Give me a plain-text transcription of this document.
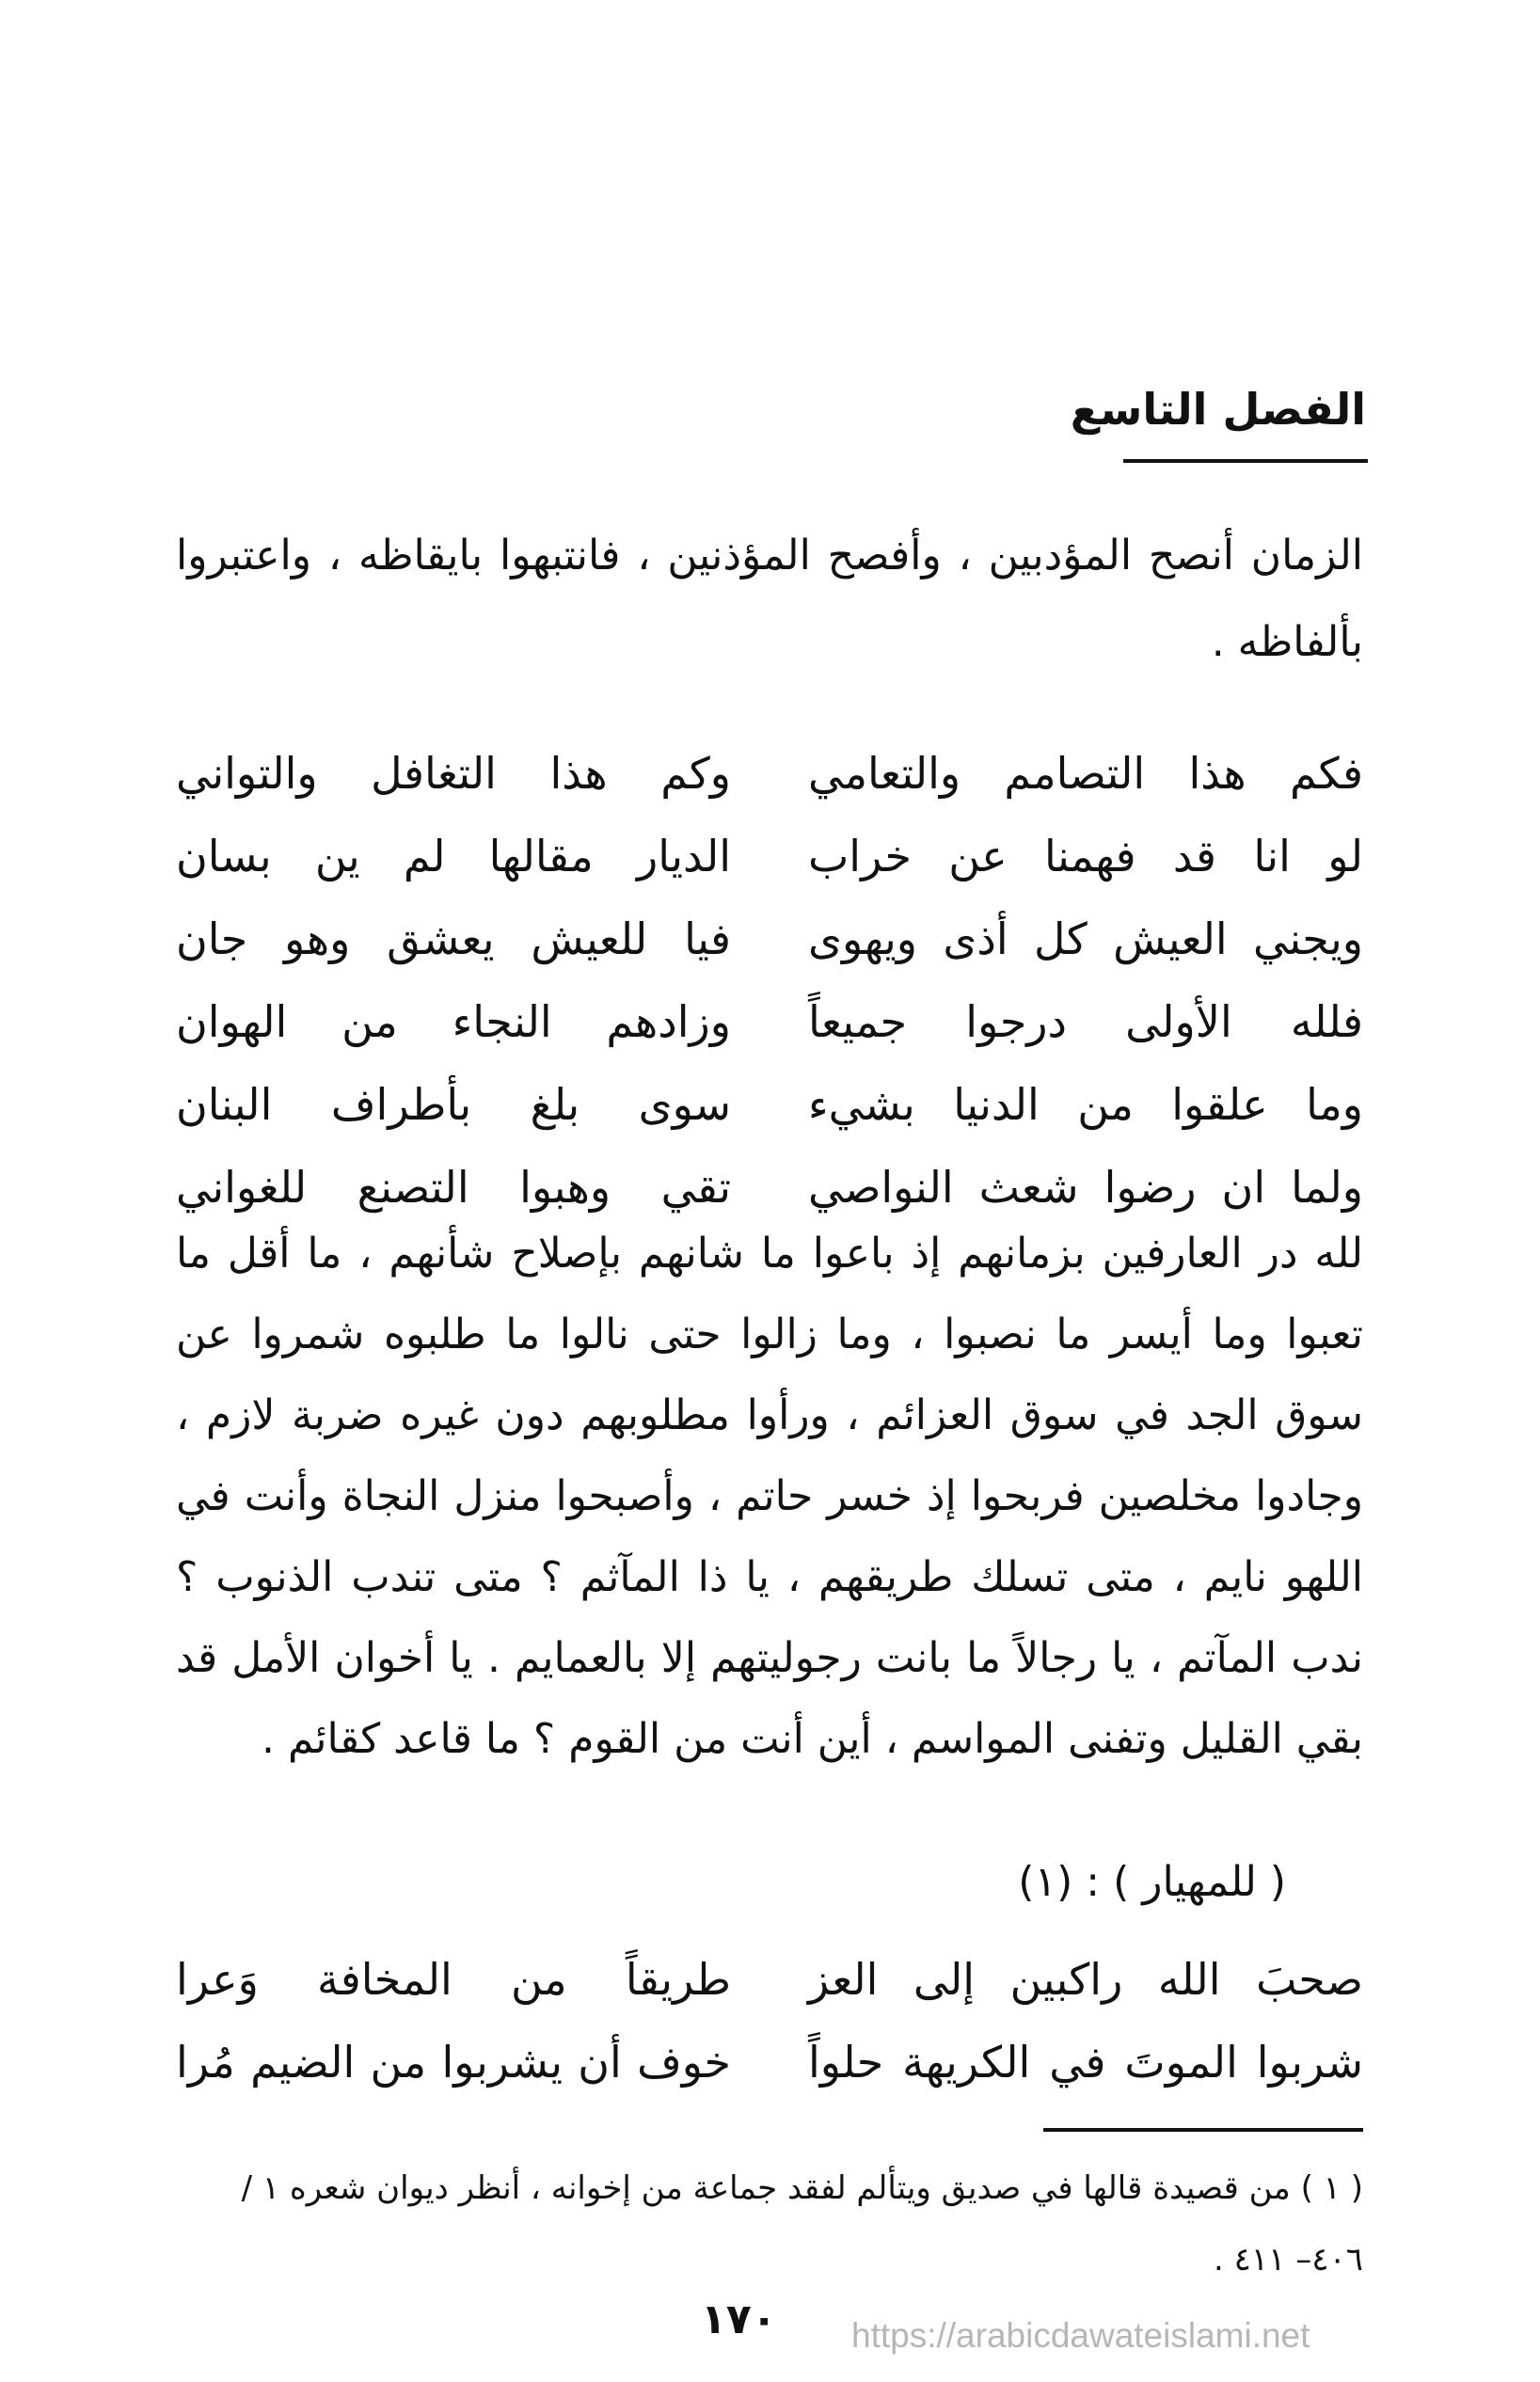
الفصل التاسع

الزمان أنصح المؤدبين ، وأفصح المؤذنين ، فانتبهوا بايقاظه ، واعتبروا بألفاظه .

فكم هذا التصامم والتعامي
وكم هذا التغافل والتواني
لو انا قد فهمنا عن خراب
الديار مقالها لم ين بسان
ويجني العيش كل أذى ويهوى
فيا للعيش يعشق وهو جان
فلله الأولى درجوا جميعاً
وزادهم النجاء من الهوان
وما علقوا من الدنيا بشيء
سوى بلغ بأطراف البنان
ولما ان رضوا شعث النواصي
تقي وهبوا التصنع للغواني

لله در العارفين بزمانهم إذ باعوا ما شانهم بإصلاح شأنهم ، ما أقل ما تعبوا وما أيسر ما نصبوا ، وما زالوا حتى نالوا ما طلبوه شمروا عن سوق الجد في سوق العزائم ، ورأوا مطلوبهم دون غيره ضربة لازم ، وجادوا مخلصين فربحوا إذ خسر حاتم ، وأصبحوا منزل النجاة وأنت في اللهو نايم ، متى تسلك طريقهم ، يا ذا المآثم ؟ متى تندب الذنوب ؟ ندب المآتم ، يا رجالاً ما بانت رجوليتهم إلا بالعمايم . يا أخوان الأمل قد بقي القليل وتفنى المواسم ، أين أنت من القوم ؟ ما قاعد كقائم .

( للمهيار ) : (١)
صحبَ الله راكبين إلى العز
طريقاً من المخافة وَعرا
شربوا الموتَ في الكريهة حلواً
خوف أن يشربوا من الضيم مُرا

( ١ ) من قصيدة قالها في صديق ويتألم لفقد جماعة من إخوانه ، أنظر ديوان شعره ١ /٤٠٦– ٤١١ .

١٧٠ https://arabicdawateislami.net
